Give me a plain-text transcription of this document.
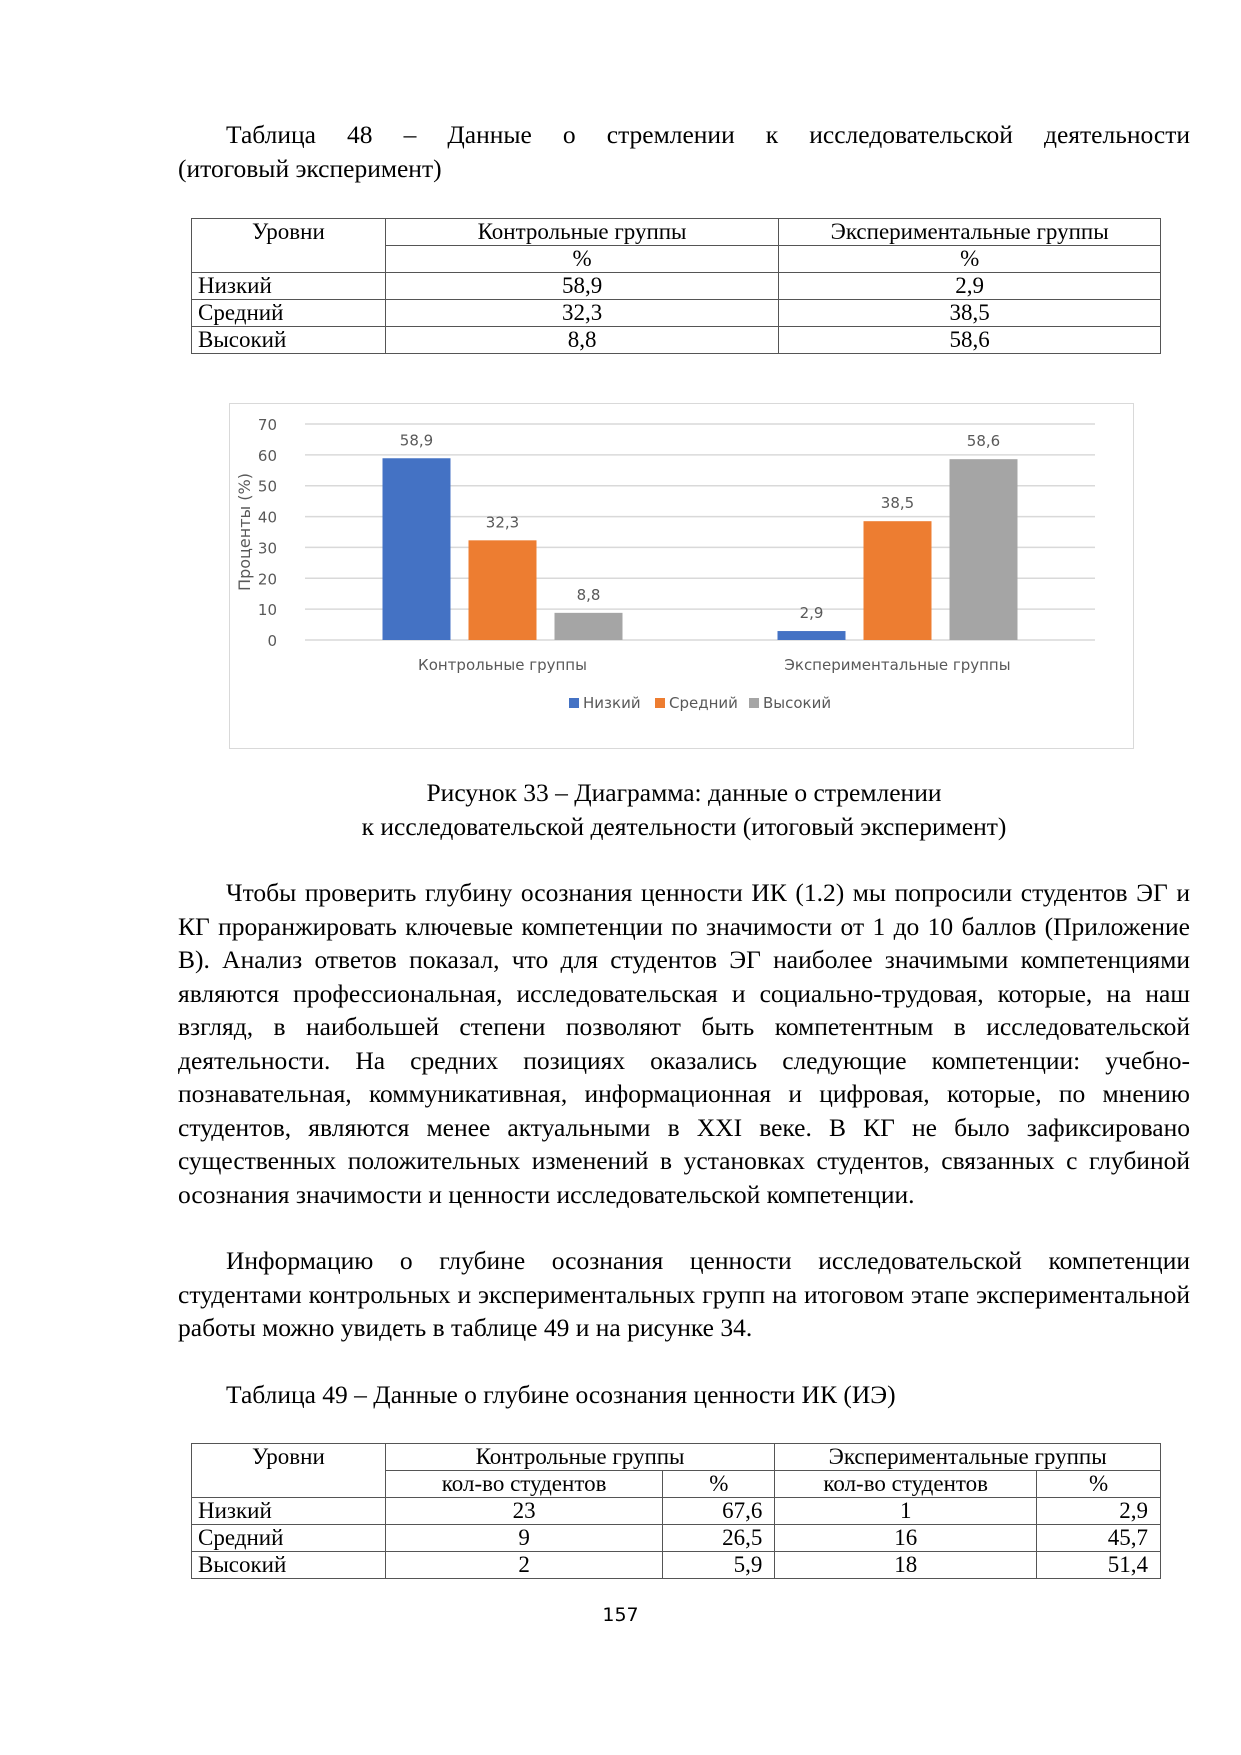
Таблица 48 – Данные о стремлении к исследовательской деятельности
(итоговый эксперимент)
Уровни	Контрольные группы	Экспериментальные группы
	%	%
Низкий	58,9	2,9
Средний	32,3	38,5
Высокий	8,8	58,6
0
10
20
30
40
50
60
70
Проценты (%)
58,9
32,3
8,8
Контрольные группы
2,9
38,5
58,6
Экспериментальные группы
Низкий Средний Высокий
Рисунок 33 – Диаграмма: данные о стремлении
к исследовательской деятельности (итоговый эксперимент)
Чтобы проверить глубину осознания ценности ИК (1.2) мы попросили студентов ЭГ и КГ проранжировать ключевые компетенции по значимости от 1 до 10 баллов (Приложение В). Анализ ответов показал, что для студентов ЭГ наиболее значимыми компетенциями являются профессиональная, исследовательская и социально-трудовая, которые, на наш взгляд, в наибольшей степени позволяют быть компетентным в исследовательской деятельности. На средних позициях оказались следующие компетенции: учебно-познавательная, коммуникативная, информационная и цифровая, которые, по мнению студентов, являются менее актуальными в XXI веке. В КГ не было зафиксировано существенных положительных изменений в установках студентов, связанных с глубиной осознания значимости и ценности исследовательской компетенции.
Информацию о глубине осознания ценности исследовательской компетенции студентами контрольных и экспериментальных групп на итоговом этапе экспериментальной работы можно увидеть в таблице 49 и на рисунке 34.
Таблица 49 – Данные о глубине осознания ценности ИК (ИЭ)
Уровни	Контрольные группы		Экспериментальные группы	
	кол-во студентов	%	кол-во студентов	%
Низкий	23	67,6	1	2,9
Средний	9	26,5	16	45,7
Высокий	2	5,9	18	51,4
157
